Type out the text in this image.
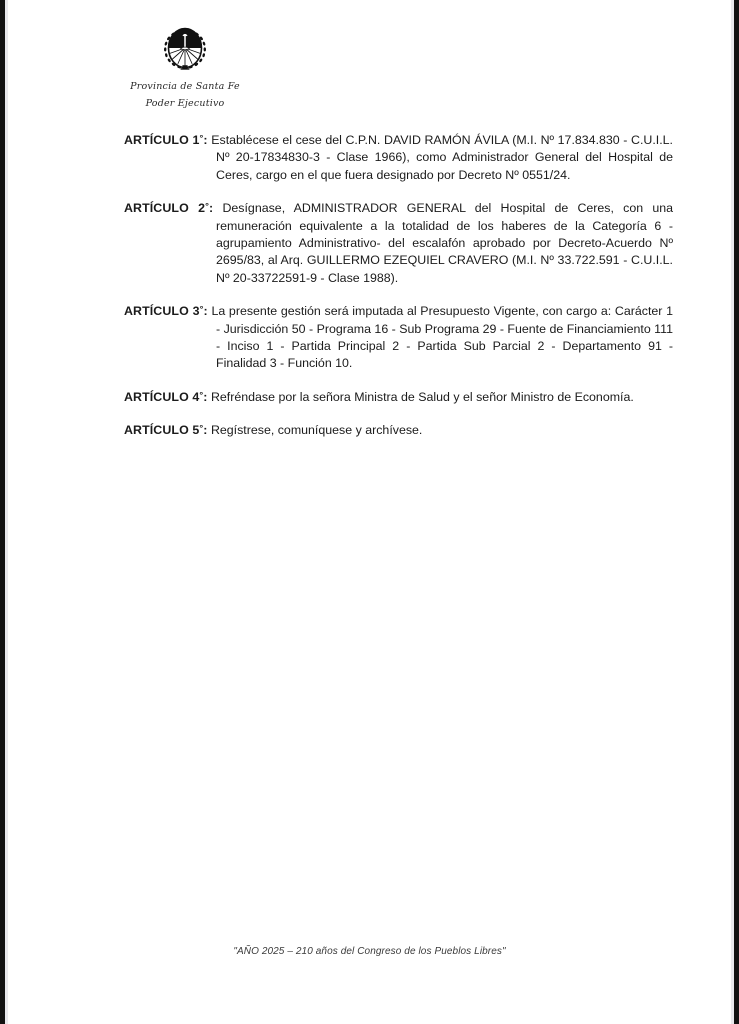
Provincia de Santa Fe
Poder Ejecutivo

ARTÍCULO 1°: Establécese el cese del C.P.N. DAVID RAMÓN ÁVILA (M.I. Nº 17.834.830 - C.U.I.L. Nº 20-17834830-3 - Clase 1966), como Administrador General del Hospital de Ceres, cargo en el que fuera designado por Decreto Nº 0551/24.

ARTÍCULO 2°: Desígnase, ADMINISTRADOR GENERAL del Hospital de Ceres, con una remuneración equivalente a la totalidad de los haberes de la Categoría 6 -agrupamiento Administrativo- del escalafón aprobado por Decreto-Acuerdo Nº 2695/83, al Arq. GUILLERMO EZEQUIEL CRAVERO (M.I. Nº 33.722.591 - C.U.I.L. Nº 20-33722591-9 - Clase 1988).

ARTÍCULO 3°: La presente gestión será imputada al Presupuesto Vigente, con cargo a: Carácter 1 - Jurisdicción 50 - Programa 16 - Sub Programa 29 - Fuente de Financiamiento 111 - Inciso 1 - Partida Principal 2 - Partida Sub Parcial 2 - Departamento 91 - Finalidad 3 - Función 10.

ARTÍCULO 4°: Refréndase por la señora Ministra de Salud y el señor Ministro de Economía.

ARTÍCULO 5°: Regístrese, comuníquese y archívese.

"AÑO 2025 – 210 años del Congreso de los Pueblos Libres"
